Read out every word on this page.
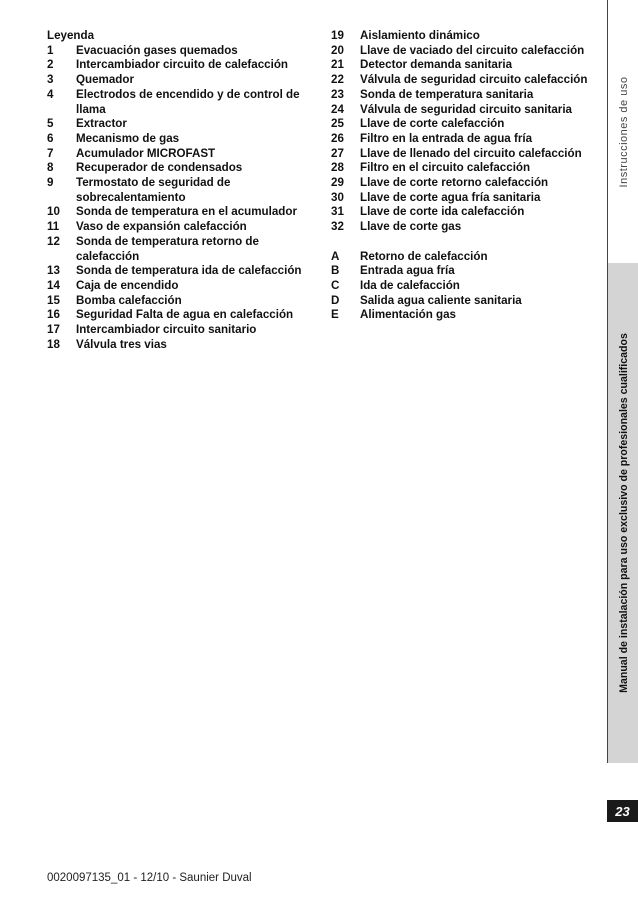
Leyenda
1	Evacuación gases quemados
2	Intercambiador circuito de calefacción
3	Quemador
4	Electrodos de encendido y de control de llama
5	Extractor
6	Mecanismo de gas
7	Acumulador MICROFAST
8	Recuperador de condensados
9	Termostato de seguridad de sobrecalentamiento
10	Sonda de temperatura en el acumulador
11	Vaso de expansión calefacción
12	Sonda de temperatura retorno de calefacción
13	Sonda de temperatura ida de calefacción
14	Caja de encendido
15	Bomba calefacción
16	Seguridad Falta de agua en calefacción
17	Intercambiador circuito sanitario
18	Válvula tres vias
19	Aislamiento dinámico
20	Llave de vaciado del circuito calefacción
21	Detector demanda sanitaria
22	Válvula de seguridad circuito calefacción
23	Sonda de temperatura sanitaria
24	Válvula de seguridad circuito sanitaria
25	Llave de corte calefacción
26	Filtro en la entrada de agua fría
27	Llave de llenado del circuito calefacción
28	Filtro en el circuito calefacción
29	Llave de corte retorno calefacción
30	Llave de corte agua fría sanitaria
31	Llave de corte ida calefacción
32	Llave de corte gas
A	Retorno de calefacción
B	Entrada agua fría
C	Ida de calefacción
D	Salida agua caliente sanitaria
E	Alimentación gas
Instrucciones de uso
Manual de instalación para uso exclusivo de profesionales cualificados
23
0020097135_01 - 12/10 - Saunier Duval
